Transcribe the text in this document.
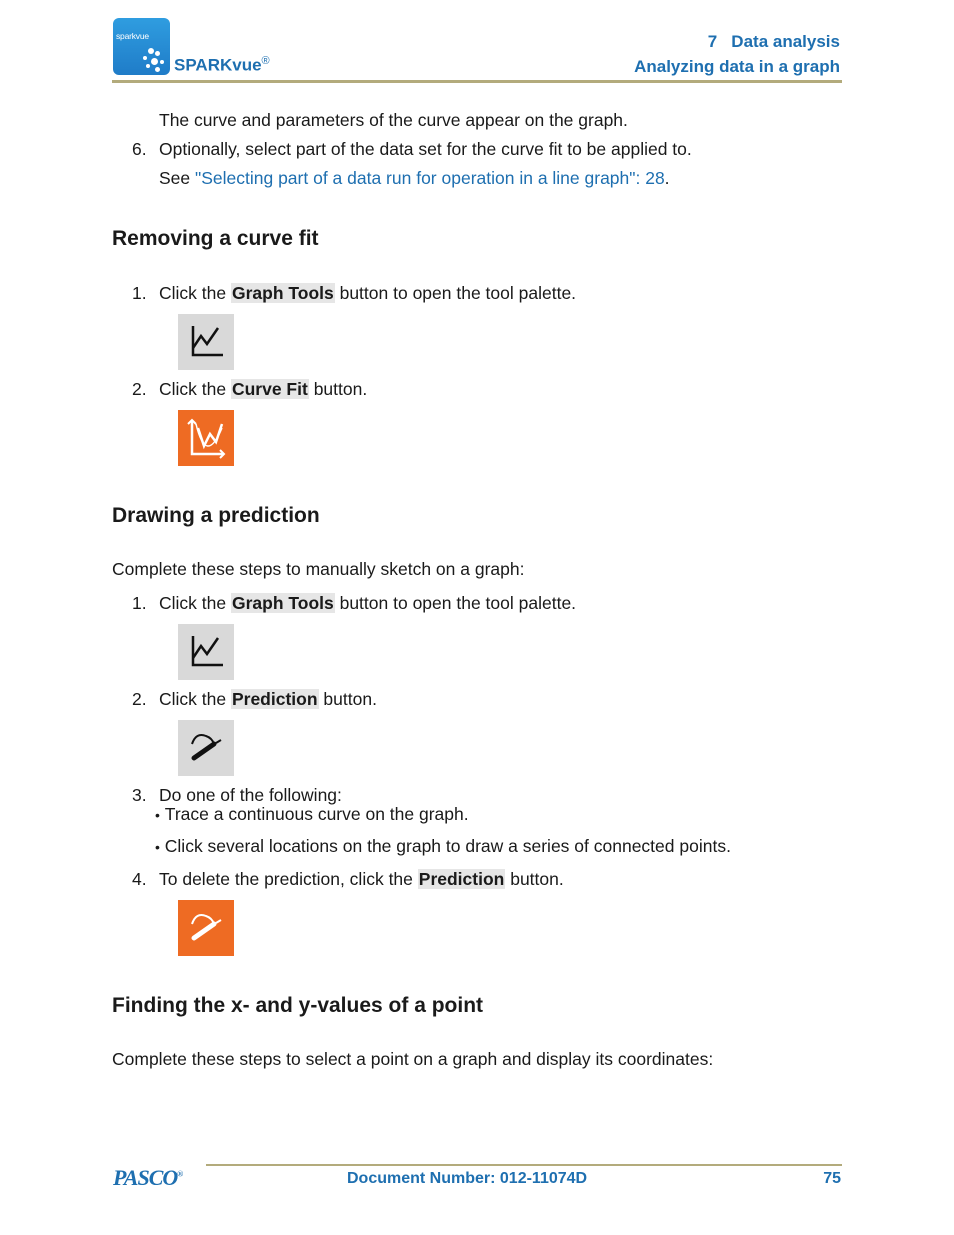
sparkvue
SPARKvue®
7   Data analysis
Analyzing data in a graph
The curve and parameters of the curve appear on the graph.
6. Optionally, select part of the data set for the curve fit to be applied to.
See "Selecting part of a data run for operation in a line graph": 28.
Removing a curve fit
1. Click the Graph Tools button to open the tool palette.
2. Click the Curve Fit button.
Drawing a prediction
Complete these steps to manually sketch on a graph:
1. Click the Graph Tools button to open the tool palette.
2. Click the Prediction button.
3. Do one of the following:
• Trace a continuous curve on the graph.
• Click several locations on the graph to draw a series of connected points.
4. To delete the prediction, click the Prediction button.
Finding the x- and y-values of a point
Complete these steps to select a point on a graph and display its coordinates:
PASCO®	Document Number: 012-11074D	75
